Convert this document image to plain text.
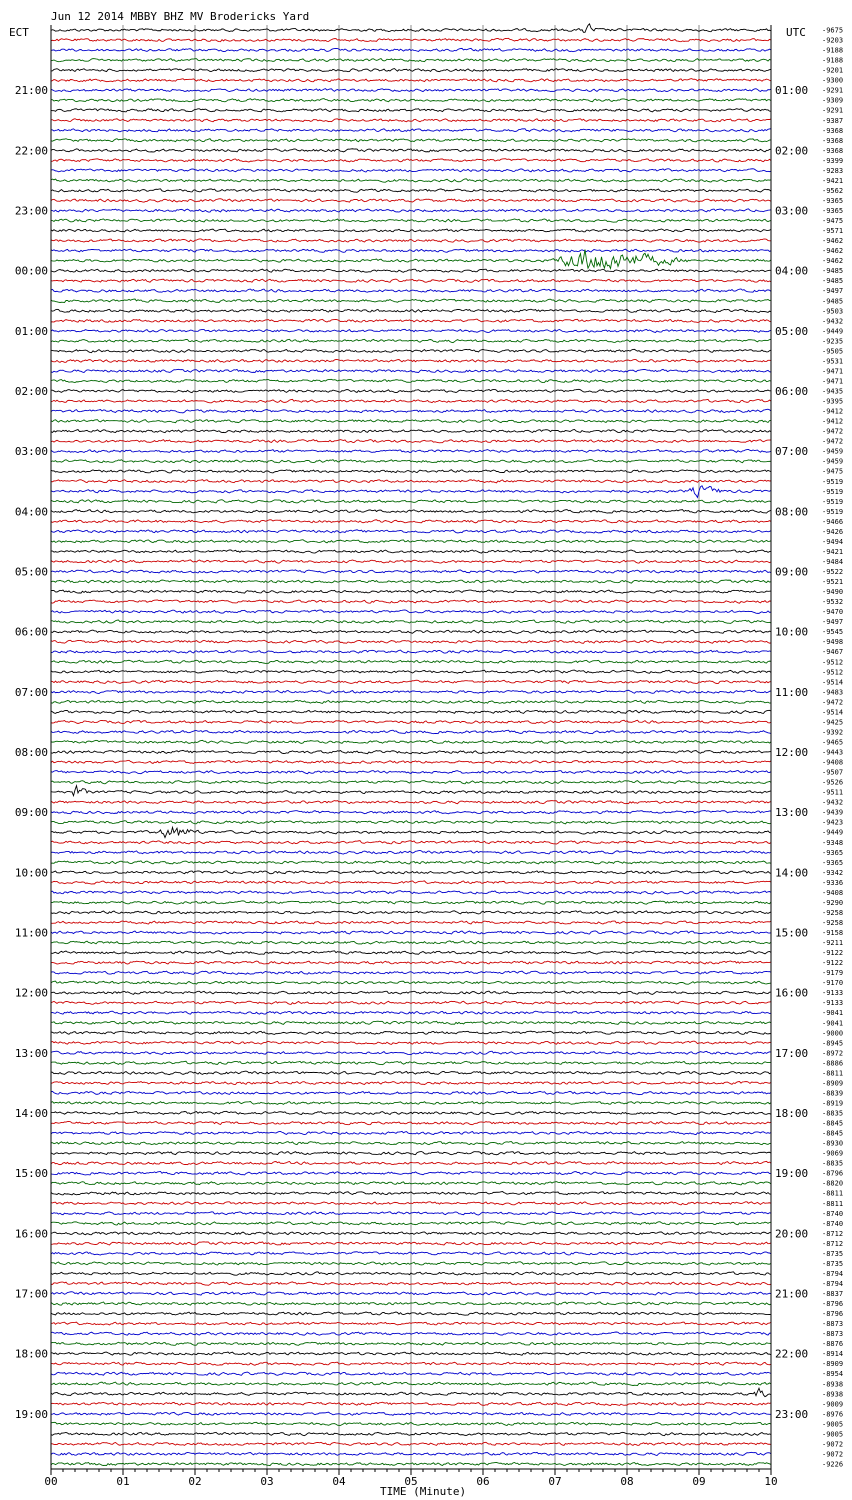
Jun 12 2014 MBBY BHZ MV Brodericks Yard
ECT	UTC
TIME (Minute)
21:00
22:00
23:00
00:00
01:00
02:00
03:00
04:00
05:00
06:00
07:00
08:00
09:00
10:00
11:00
12:00
13:00
14:00
15:00
16:00
17:00
18:00
19:00
01:00
02:00
03:00
04:00
05:00
06:00
07:00
08:00
09:00
10:00
11:00
12:00
13:00
14:00
15:00
16:00
17:00
18:00
19:00
20:00
21:00
22:00
23:00
-9675
-9203
-9188
-9188
-9201
-9300
-9291
-9309
-9291
-9387
-9368
-9368
-9368
-9399
-9283
-9421
-9562
-9365
-9365
-9475
-9571
-9462
-9462
-9462
-9485
-9485
-9497
-9485
-9503
-9432
-9449
-9235
-9505
-9531
-9471
-9471
-9435
-9395
-9412
-9412
-9472
-9472
-9459
-9459
-9475
-9519
-9519
-9519
-9519
-9466
-9426
-9494
-9421
-9484
-9522
-9521
-9490
-9532
-9470
-9497
-9545
-9498
-9467
-9512
-9512
-9514
-9483
-9472
-9514
-9425
-9392
-9465
-9443
-9408
-9507
-9526
-9511
-9432
-9439
-9423
-9449
-9348
-9365
-9365
-9342
-9336
-9408
-9290
-9258
-9258
-9158
-9211
-9122
-9122
-9179
-9170
-9133
-9133
-9041
-9041
-9000
-8945
-8972
-8886
-8811
-8909
-8839
-8919
-8835
-8845
-8845
-8930
-9069
-8835
-8796
-8820
-8811
-8811
-8740
-8740
-8712
-8712
-8735
-8735
-8794
-8794
-8837
-8796
-8796
-8873
-8873
-8876
-8914
-8909
-8954
-8938
-8938
-9009
-8976
-9005
-9005
-9072
-9072
-9226
00	01	02	03	04	05	06	07	08	09	10
